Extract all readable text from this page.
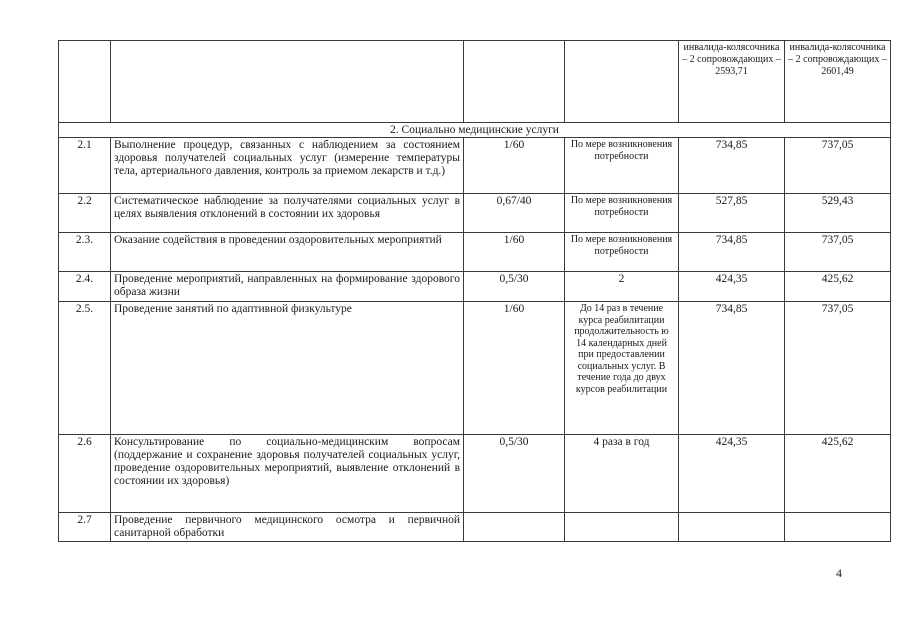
				инвалида-колясочника – 2 сопровождающих – 2593,71	инвалида-колясочника – 2 сопровождающих – 2601,49
2. Социально медицинские услуги					
2.1	Выполнение процедур, связанных с наблюдением за состоянием здоровья получателей социальных услуг (измерение температуры тела, артериального давления, контроль за приемом лекарств и т.д.)	1/60	По мере возникновения потребности	734,85	737,05
2.2	Систематическое наблюдение за получателями социальных услуг в целях выявления отклонений в состоянии их здоровья	0,67/40	По мере возникновения потребности	527,85	529,43
2.3.	Оказание содействия в проведении оздоровительных мероприятий	1/60	По мере возникновения потребности	734,85	737,05
2.4.	Проведение мероприятий, направленных на формирование здорового образа жизни	0,5/30	2	424,35	425,62
2.5.	Проведение занятий по адаптивной физкультуре	1/60	До 14 раз в течение курса реабилитации продолжительность ю 14 календарных дней при предоставлении социальных услуг. В течение года до двух курсов реабилитации	734,85	737,05
2.6	Консультирование по социально-медицинским вопросам (поддержание и сохранение здоровья получателей социальных услуг, проведение оздоровительных мероприятий, выявление отклонений в состоянии их здоровья)	0,5/30	4 раза в год	424,35	425,62
2.7	Проведение первичного медицинского осмотра и первичной санитарной обработки				
4
